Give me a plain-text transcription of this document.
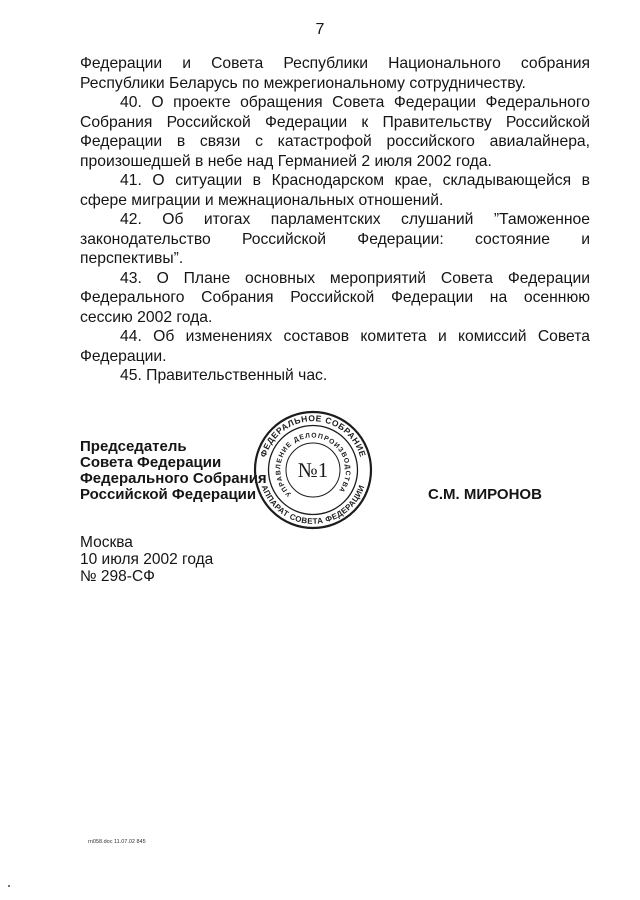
7
Федерации и Совета Республики Национального собрания
Республики Беларусь по межрегиональному сотрудничеству.
40. О проекте обращения Совета Федерации Федерального
Собрания Российской Федерации к Правительству Российской
Федерации в связи с катастрофой российского авиалайнера,
произошедшей в небе над Германией 2 июля 2002 года.
41. О ситуации в Краснодарском крае, складывающейся в
сфере миграции и межнациональных отношений.
42. Об итогах парламентских слушаний ”Таможенное
законодательство Российской Федерации: состояние и
перспективы”.
43. О Плане основных мероприятий Совета Федерации
Федерального Собрания Российской Федерации на осеннюю
сессию 2002 года.
44. Об изменениях составов комитета и комиссий Совета
Федерации.
45. Правительственный час.
Председатель
Совета Федерации
Федерального Собрания
Российской Федерации
ФЕДЕРАЛЬНОЕ СОБРАНИЕ
АППАРАТ СОВЕТА ФЕДЕРАЦИИ
УПРАВЛЕНИЕ ДЕЛОПРОИЗВОДСТВА
№1
С.М. МИРОНОВ
Москва
10 июля 2002 года
№ 298-СФ
rn058.doc 11.07.02 845
